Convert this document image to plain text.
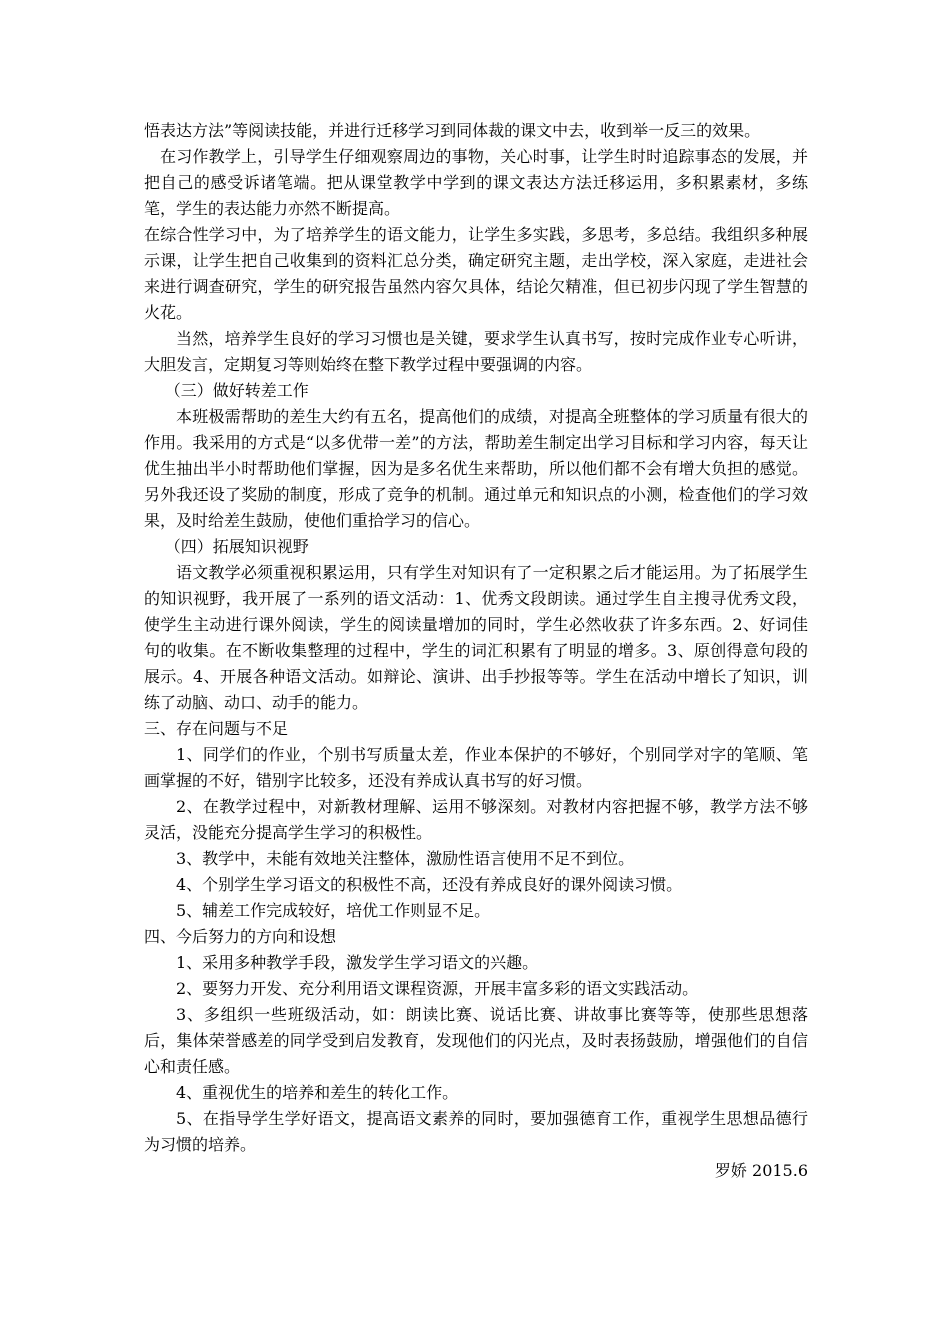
悟表达方法”等阅读技能，并进行迁移学习到同体裁的课文中去，收到举一反三的效果。

在习作教学上，引导学生仔细观察周边的事物，关心时事，让学生时时追踪事态的发展，并把自己的感受诉诸笔端。把从课堂教学中学到的课文表达方法迁移运用，多积累素材，多练笔，学生的表达能力亦然不断提高。

在综合性学习中，为了培养学生的语文能力，让学生多实践，多思考，多总结。我组织多种展示课，让学生把自己收集到的资料汇总分类，确定研究主题，走出学校，深入家庭，走进社会来进行调查研究，学生的研究报告虽然内容欠具体，结论欠精准，但已初步闪现了学生智慧的火花。

当然，培养学生良好的学习习惯也是关键，要求学生认真书写，按时完成作业专心听讲，大胆发言，定期复习等则始终在整下教学过程中要强调的内容。

（三）做好转差工作

本班极需帮助的差生大约有五名，提高他们的成绩，对提高全班整体的学习质量有很大的作用。我采用的方式是“以多优带一差”的方法，帮助差生制定出学习目标和学习内容，每天让优生抽出半小时帮助他们掌握，因为是多名优生来帮助，所以他们都不会有增大负担的感觉。另外我还设了奖励的制度，形成了竞争的机制。通过单元和知识点的小测，检查他们的学习效果，及时给差生鼓励，使他们重拾学习的信心。

（四）拓展知识视野

语文教学必须重视积累运用，只有学生对知识有了一定积累之后才能运用。为了拓展学生的知识视野，我开展了一系列的语文活动：1、优秀文段朗读。通过学生自主搜寻优秀文段，使学生主动进行课外阅读，学生的阅读量增加的同时，学生必然收获了许多东西。2、好词佳句的收集。在不断收集整理的过程中，学生的词汇积累有了明显的增多。3、原创得意句段的展示。4、开展各种语文活动。如辩论、演讲、出手抄报等等。学生在活动中增长了知识，训练了动脑、动口、动手的能力。

三、存在问题与不足

1、同学们的作业，个别书写质量太差，作业本保护的不够好，个别同学对字的笔顺、笔画掌握的不好，错别字比较多，还没有养成认真书写的好习惯。

2、在教学过程中，对新教材理解、运用不够深刻。对教材内容把握不够，教学方法不够灵活，没能充分提高学生学习的积极性。

3、教学中，未能有效地关注整体，激励性语言使用不足不到位。

4、个别学生学习语文的积极性不高，还没有养成良好的课外阅读习惯。

5、辅差工作完成较好，培优工作则显不足。

四、今后努力的方向和设想

1、采用多种教学手段，激发学生学习语文的兴趣。

2、要努力开发、充分利用语文课程资源，开展丰富多彩的语文实践活动。

3、多组织一些班级活动，如：朗读比赛、说话比赛、讲故事比赛等等，使那些思想落后，集体荣誉感差的同学受到启发教育，发现他们的闪光点，及时表扬鼓励，增强他们的自信心和责任感。

4、重视优生的培养和差生的转化工作。

5、在指导学生学好语文，提高语文素养的同时，要加强德育工作，重视学生思想品德行为习惯的培养。

罗娇 2015.6
